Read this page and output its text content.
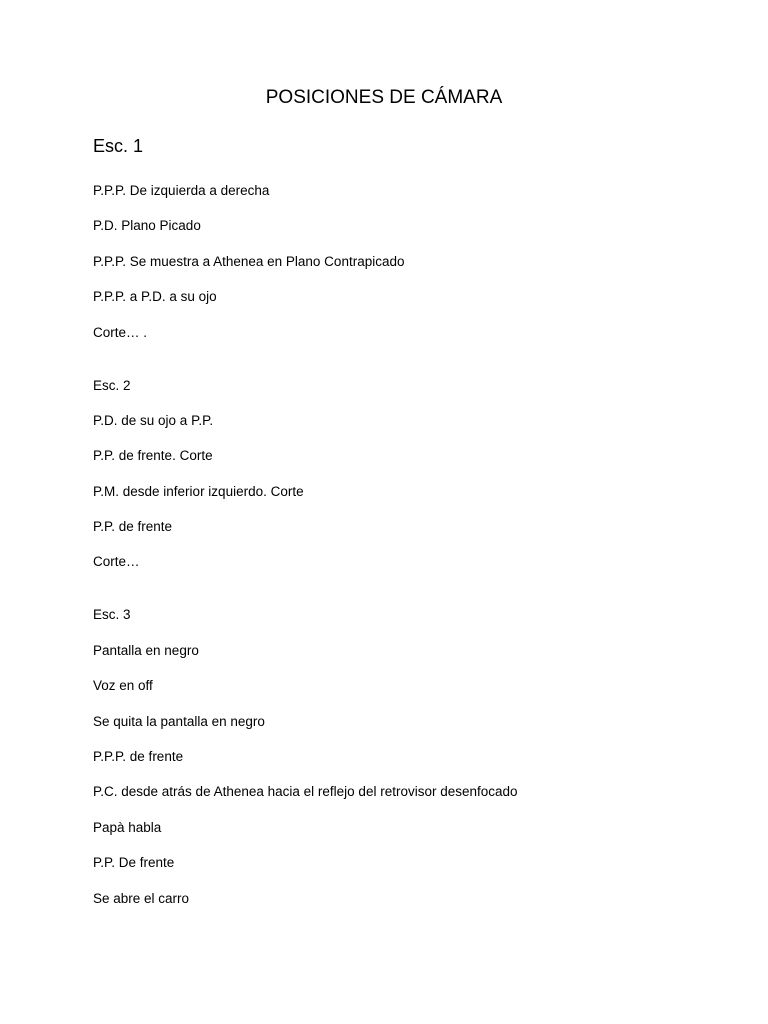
POSICIONES DE CÁMARA
Esc. 1

P.P.P. De izquierda a derecha

P.D. Plano Picado

P.P.P. Se muestra a Athenea en Plano Contrapicado

P.P.P. a P.D. a su ojo

Corte… .

Esc. 2

P.D. de su ojo a P.P.

P.P. de frente. Corte

P.M. desde inferior izquierdo. Corte

P.P. de frente

Corte…

Esc. 3

Pantalla en negro

Voz en off

Se quita la pantalla en negro

P.P.P. de frente

P.C. desde atrás de Athenea hacia el reflejo del retrovisor desenfocado

Papà habla

P.P. De frente

Se abre el carro
